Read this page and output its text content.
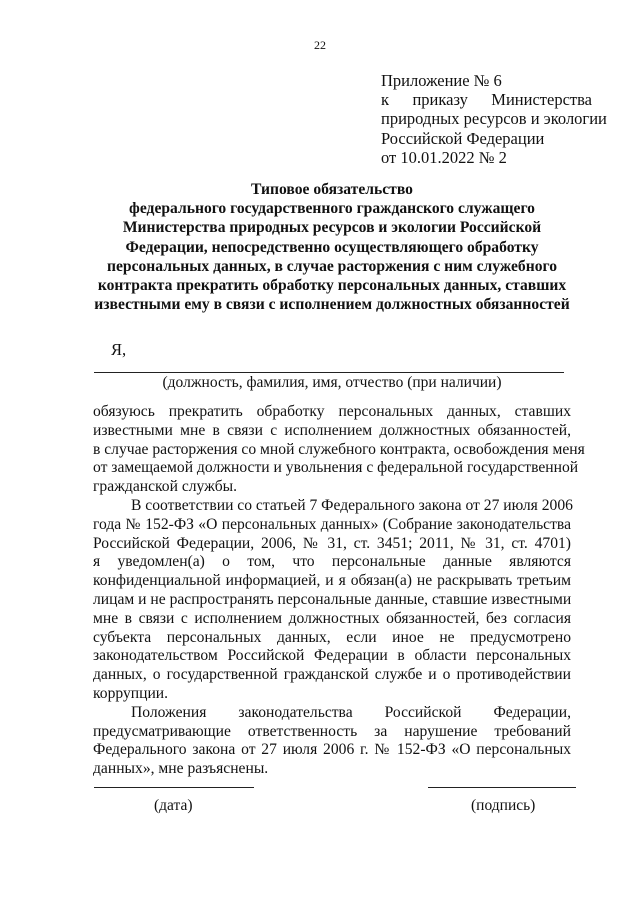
22
Приложение № 6
к приказу Министерства
природных ресурсов и экологии
Российской Федерации
от 10.01.2022 № 2
Типовое обязательство
федерального государственного гражданского служащего
Министерства природных ресурсов и экологии Российской
Федерации, непосредственно осуществляющего обработку
персональных данных, в случае расторжения с ним служебного
контракта прекратить обработку персональных данных, ставших
известными ему в связи с исполнением должностных обязанностей
Я,
(должность, фамилия, имя, отчество (при наличии)
обязуюсь прекратить обработку персональных данных, ставших
известными мне в связи с исполнением должностных обязанностей,
в случае расторжения со мной служебного контракта, освобождения меня
от замещаемой должности и увольнения с федеральной государственной
гражданской службы.
В соответствии со статьей 7 Федерального закона от 27 июля 2006
года № 152-ФЗ «О персональных данных» (Собрание законодательства
Российской Федерации, 2006, № 31, ст. 3451; 2011, № 31, ст. 4701)
я уведомлен(а) о том, что персональные данные являются
конфиденциальной информацией, и я обязан(а) не раскрывать третьим
лицам и не распространять персональные данные, ставшие известными
мне в связи с исполнением должностных обязанностей, без согласия
субъекта персональных данных, если иное не предусмотрено
законодательством Российской Федерации в области персональных
данных, о государственной гражданской службе и о противодействии
коррупции.
Положения законодательства Российской Федерации,
предусматривающие ответственность за нарушение требований
Федерального закона от 27 июля 2006 г. № 152-ФЗ «О персональных
данных», мне разъяснены.
(дата)	(подпись)
